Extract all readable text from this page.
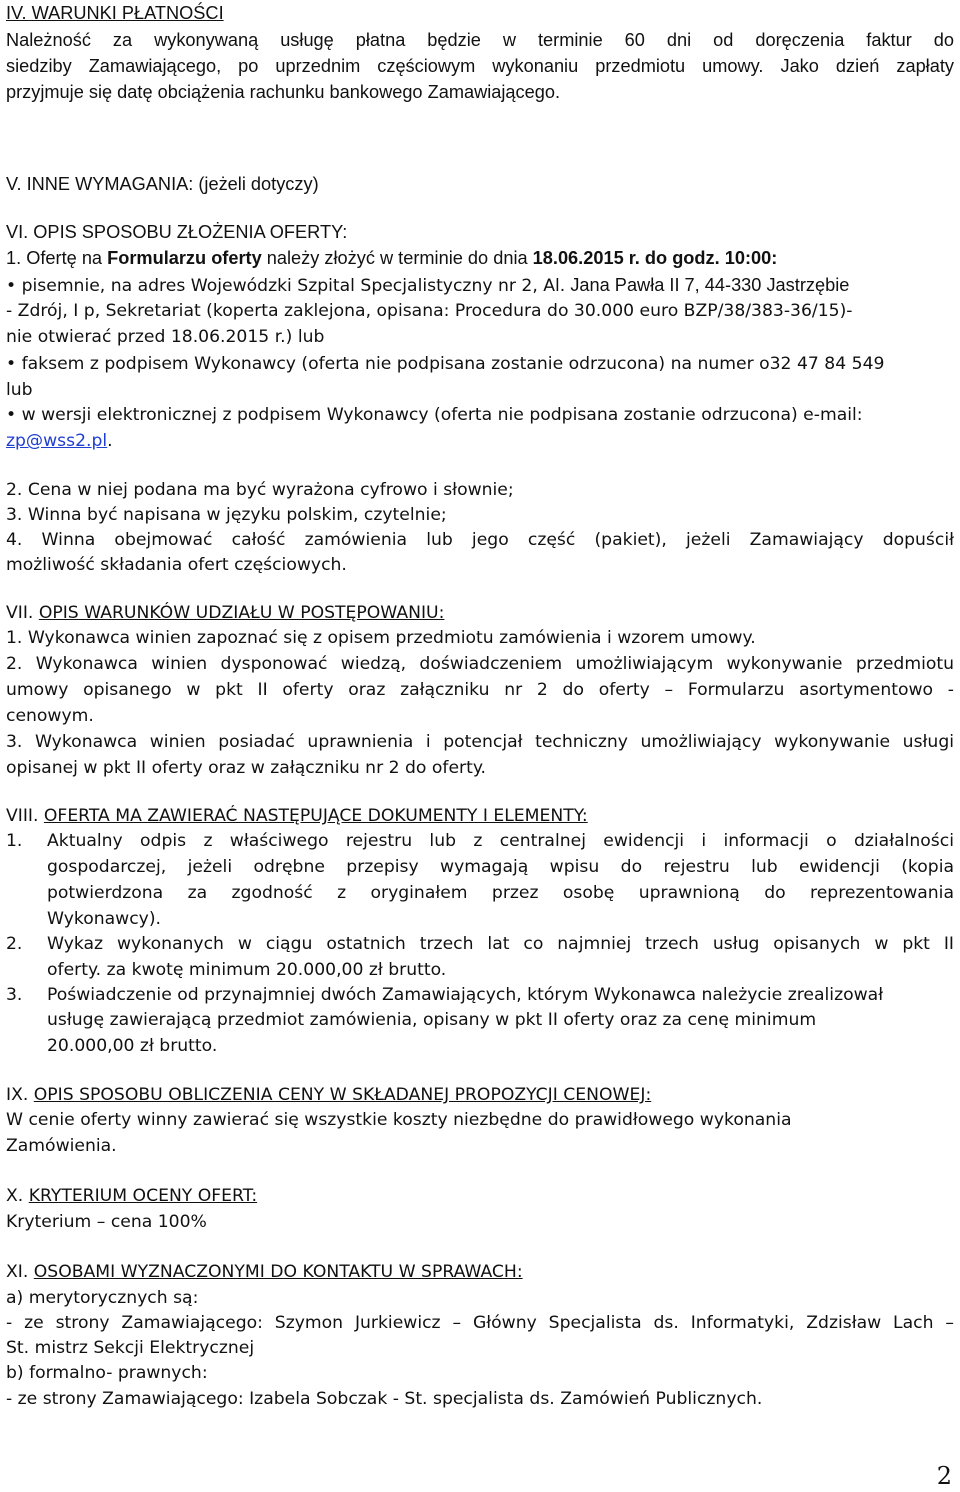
IV. WARUNKI PŁATNOŚCI
Należność za wykonywaną usługę płatna będzie w terminie 60 dni od doręczenia faktur do
siedziby Zamawiającego, po uprzednim częściowym wykonaniu przedmiotu umowy. Jako dzień zapłaty
przyjmuje się datę obciążenia rachunku bankowego Zamawiającego.
V. INNE WYMAGANIA: (jeżeli dotyczy)
VI. OPIS SPOSOBU ZŁOŻENIA OFERTY:
1. Ofertę na Formularzu oferty należy złożyć w terminie do dnia 18.06.2015 r. do godz. 10:00:
• pisemnie, na adres Wojewódzki Szpital Specjalistyczny nr 2, Al. Jana Pawła II 7, 44-330 Jastrzębie
- Zdrój, I p, Sekretariat (koperta zaklejona, opisana: Procedura do 30.000 euro BZP/38/383-36/15)-
nie otwierać przed 18.06.2015 r.) lub
• faksem z podpisem Wykonawcy (oferta nie podpisana zostanie odrzucona) na numer o32 47 84 549
lub
• w wersji elektronicznej z podpisem Wykonawcy (oferta nie podpisana zostanie odrzucona) e-mail:
zp@wss2.pl.
2. Cena w niej podana ma być wyrażona cyfrowo i słownie;
3. Winna być napisana w języku polskim, czytelnie;
4. Winna obejmować całość zamówienia lub jego część (pakiet), jeżeli Zamawiający dopuścił
możliwość składania ofert częściowych.
VII. OPIS WARUNKÓW UDZIAŁU W POSTĘPOWANIU:
1. Wykonawca winien zapoznać się z opisem przedmiotu zamówienia i wzorem umowy.
2. Wykonawca winien dysponować wiedzą, doświadczeniem umożliwiającym wykonywanie przedmiotu
umowy opisanego w pkt II oferty oraz załączniku nr 2 do oferty – Formularzu asortymentowo -
cenowym.
3. Wykonawca winien posiadać uprawnienia i potencjał techniczny umożliwiający wykonywanie usługi
opisanej w pkt II oferty oraz w załączniku nr 2 do oferty.
VIII. OFERTA MA ZAWIERAĆ NASTĘPUJĄCE DOKUMENTY I ELEMENTY:
1. Aktualny odpis z właściwego rejestru lub z centralnej ewidencji i informacji o działalności
gospodarczej, jeżeli odrębne przepisy wymagają wpisu do rejestru lub ewidencji (kopia
potwierdzona za zgodność z oryginałem przez osobę uprawnioną do reprezentowania
Wykonawcy).
2. Wykaz wykonanych w ciągu ostatnich trzech lat co najmniej trzech usług opisanych w pkt II
oferty. za kwotę minimum 20.000,00 zł brutto.
3. Poświadczenie od przynajmniej dwóch Zamawiających, którym Wykonawca należycie zrealizował
usługę zawierającą przedmiot zamówienia, opisany w pkt II oferty oraz za cenę minimum
20.000,00 zł brutto.
IX. OPIS SPOSOBU OBLICZENIA CENY W SKŁADANEJ PROPOZYCJI CENOWEJ:
W cenie oferty winny zawierać się wszystkie koszty niezbędne do prawidłowego wykonania
Zamówienia.
X. KRYTERIUM OCENY OFERT:
Kryterium – cena 100%
XI. OSOBAMI WYZNACZONYMI DO KONTAKTU W SPRAWACH:
a) merytorycznych są:
- ze strony Zamawiającego: Szymon Jurkiewicz – Główny Specjalista ds. Informatyki, Zdzisław Lach –
St. mistrz Sekcji Elektrycznej
b) formalno- prawnych:
- ze strony Zamawiającego: Izabela Sobczak - St. specjalista ds. Zamówień Publicznych.
2
